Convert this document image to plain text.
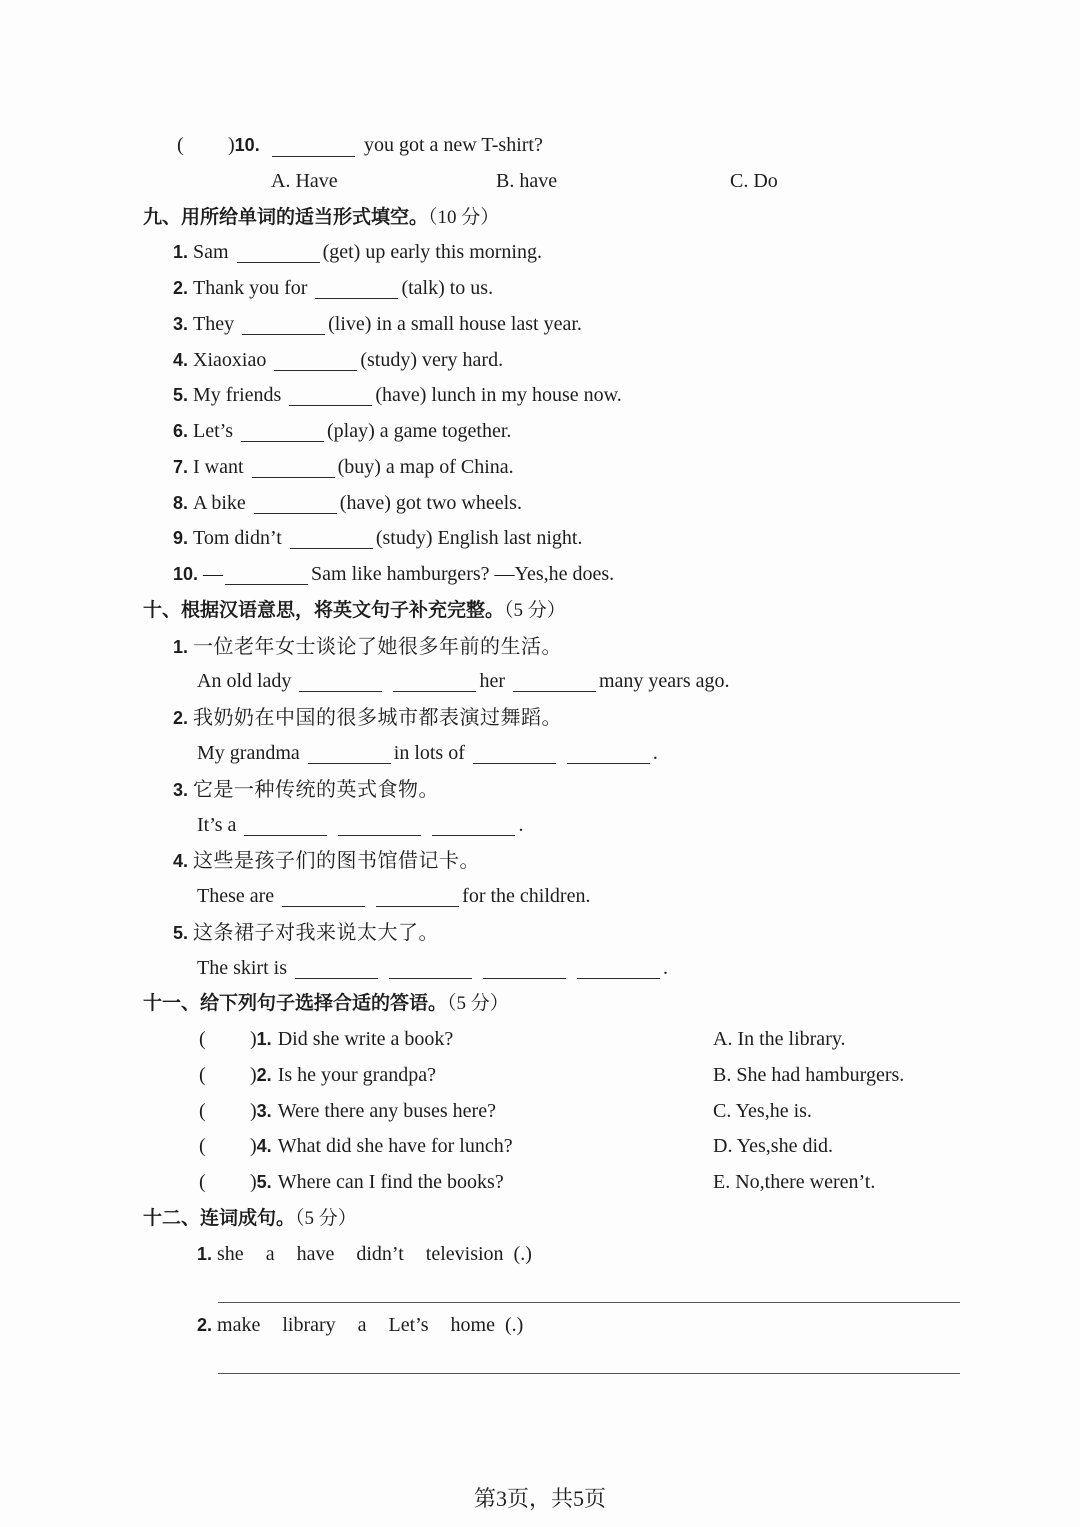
( )10.	you got a new T-shirt?
A. Have	B. have	C. Do
九、用所给单词的适当形式填空。（10 分）
1. Sam	(get) up early this morning.
2. Thank you for	(talk) to us.
3. They	(live) in a small house last year.
4. Xiaoxiao	(study) very hard.
5. My friends	(have) lunch in my house now.
6. Let’s	(play) a game together.
7. I want	(buy) a map of China.
8. A bike	(have) got two wheels.
9. Tom didn’t	(study) English last night.
10. —	Sam like hamburgers? —Yes,he does.
十、根据汉语意思，将英文句子补充完整。（5 分）
1. 一位老年女士谈论了她很多年前的生活。
An old lady	her	many years ago.
2. 我奶奶在中国的很多城市都表演过舞蹈。
My grandma	in lots of	.
3. 它是一种传统的英式食物。
It’s a	.
4. 这些是孩子们的图书馆借记卡。
These are	for the children.
5. 这条裙子对我来说太大了。
The skirt is	.
十一、给下列句子选择合适的答语。（5 分）
( )1. Did she write a book?	A. In the library.
( )2. Is he your grandpa?	B. She had hamburgers.
( )3. Were there any buses here?	C. Yes,he is.
( )4. What did she have for lunch?	D. Yes,she did.
( )5. Where can I find the books?	E. No,there weren’t.
十二、连词成句。（5 分）
1. she a have didn’t television (.)
2. make library a Let’s home (.)
第3页，共5页
